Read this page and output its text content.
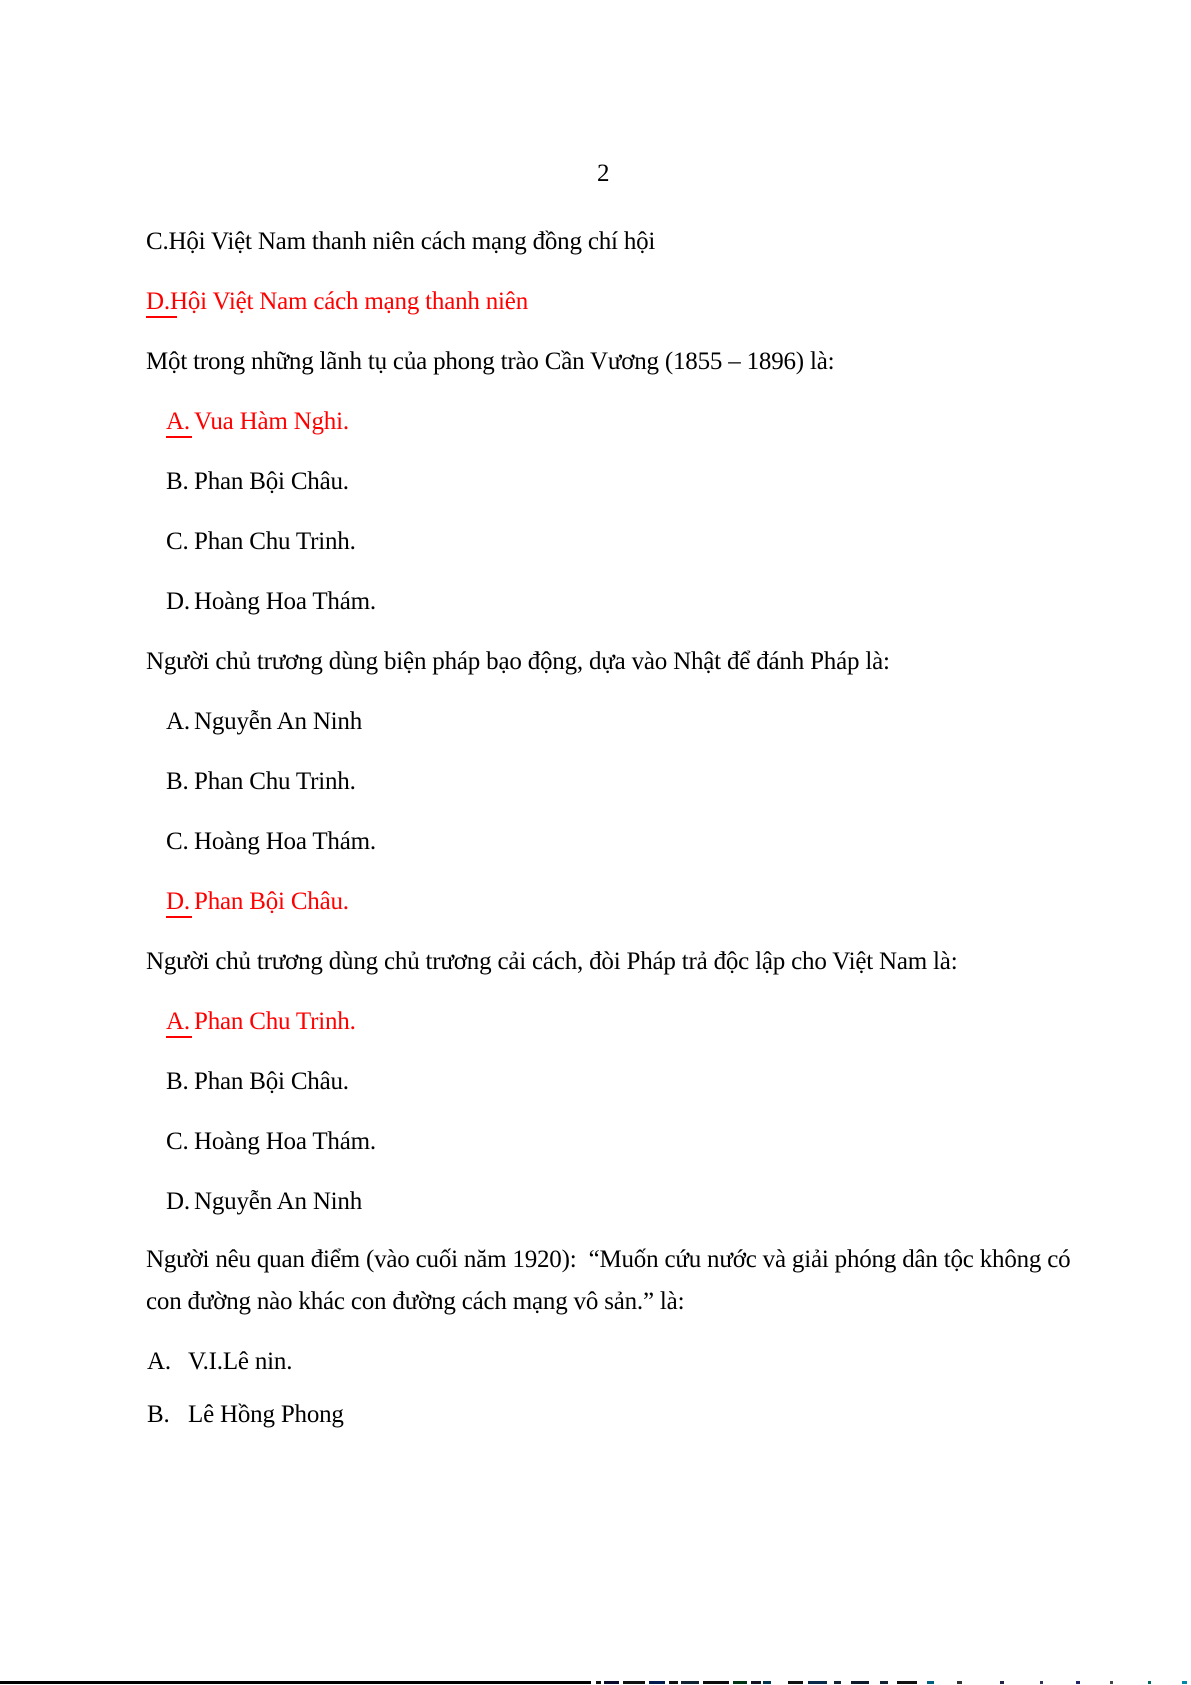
2
C.Hội Việt Nam thanh niên cách mạng đồng chí hội
D.Hội Việt Nam cách mạng thanh niên
Một trong những lãnh tụ của phong trào Cần Vương (1855 – 1896) là:
A. Vua Hàm Nghi.
B. Phan Bội Châu.
C. Phan Chu Trinh.
D. Hoàng Hoa Thám.
Người chủ trương dùng biện pháp bạo động, dựa vào Nhật để đánh Pháp là:
A. Nguyễn An Ninh
B. Phan Chu Trinh.
C. Hoàng Hoa Thám.
D. Phan Bội Châu.
Người chủ trương dùng chủ trương cải cách, đòi Pháp trả độc lập cho Việt Nam là:
A. Phan Chu Trinh.
B. Phan Bội Châu.
C. Hoàng Hoa Thám.
D. Nguyễn An Ninh
Người nêu quan điểm (vào cuối năm 1920):  “Muốn cứu nước và giải phóng dân tộc không có
con đường nào khác con đường cách mạng vô sản.” là:
A. V.I.Lê nin.
B. Lê Hồng Phong
